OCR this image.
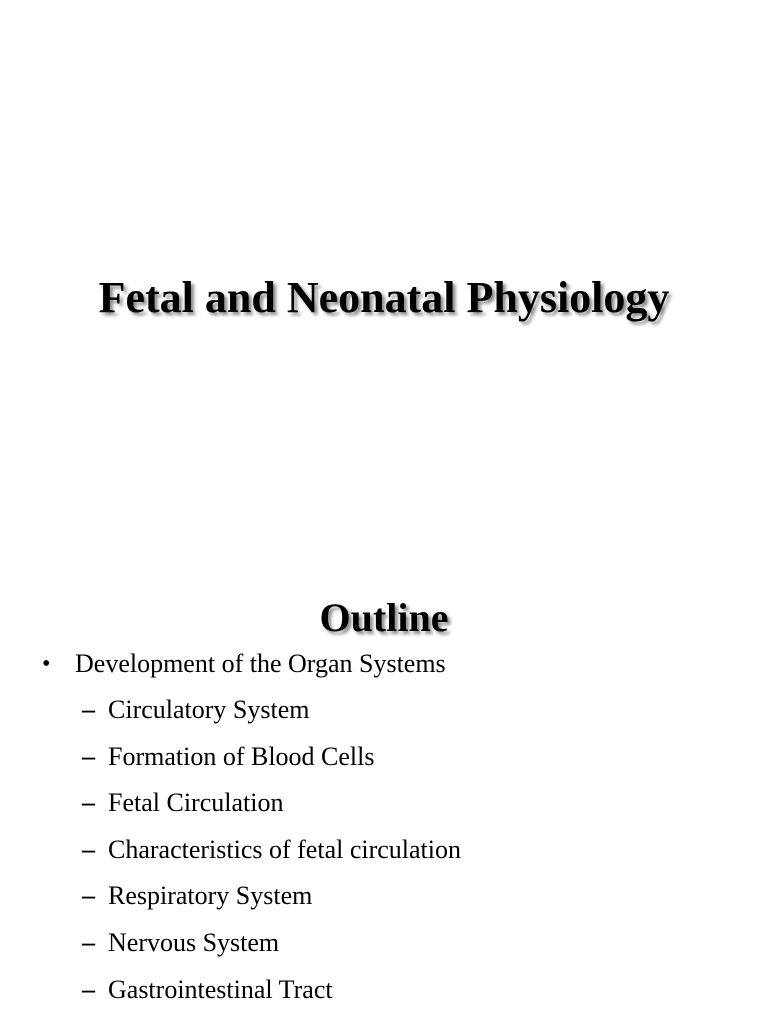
Fetal and Neonatal Physiology
Outline
• Development of the Organ Systems
– Circulatory System
– Formation of Blood Cells
– Fetal Circulation
– Characteristics of fetal circulation
– Respiratory System
– Nervous System
– Gastrointestinal Tract
